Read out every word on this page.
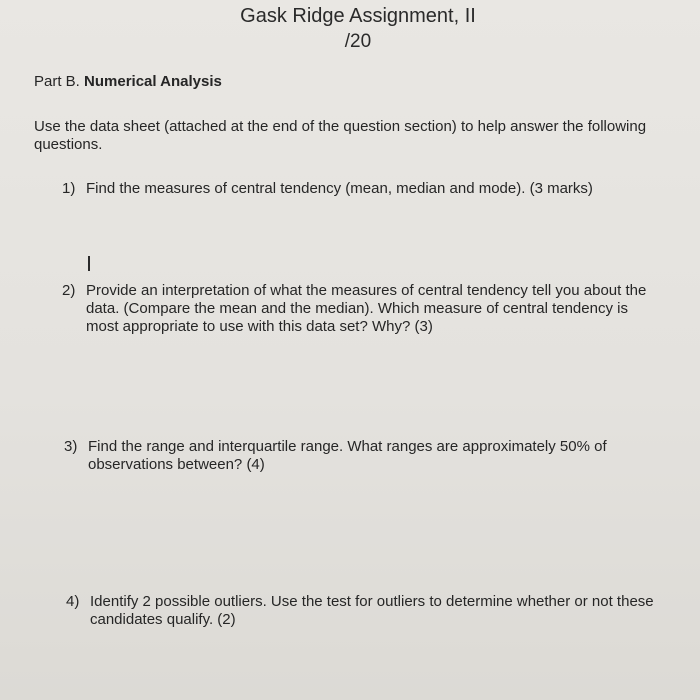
Gask Ridge Assignment, II
/20
Part B. Numerical Analysis
Use the data sheet (attached at the end of the question section) to help answer the following questions.
1) Find the measures of central tendency (mean, median and mode). (3 marks)
2) Provide an interpretation of what the measures of central tendency tell you about the data. (Compare the mean and the median). Which measure of central tendency is most appropriate to use with this data set? Why? (3)
3) Find the range and interquartile range. What ranges are approximately 50% of observations between? (4)
4) Identify 2 possible outliers. Use the test for outliers to determine whether or not these candidates qualify. (2)
